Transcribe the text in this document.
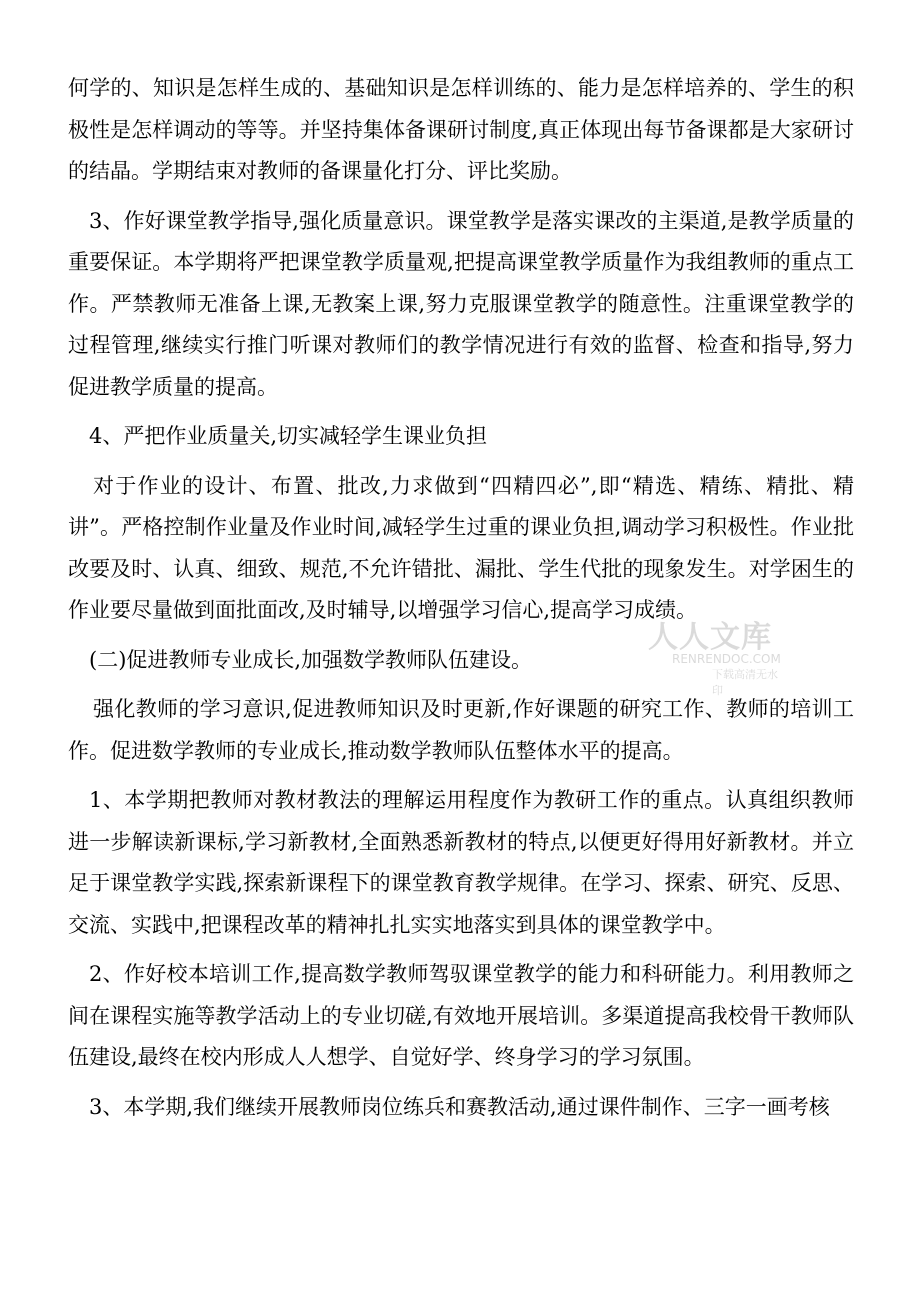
何学的、知识是怎样生成的、基础知识是怎样训练的、能力是怎样培养的、学生的积极性是怎样调动的等等。并坚持集体备课研讨制度,真正体现出每节备课都是大家研讨的结晶。学期结束对教师的备课量化打分、评比奖励。

3、作好课堂教学指导,强化质量意识。课堂教学是落实课改的主渠道,是教学质量的重要保证。本学期将严把课堂教学质量观,把提高课堂教学质量作为我组教师的重点工作。严禁教师无准备上课,无教案上课,努力克服课堂教学的随意性。注重课堂教学的过程管理,继续实行推门听课对教师们的教学情况进行有效的监督、检查和指导,努力促进教学质量的提高。

4、严把作业质量关,切实减轻学生课业负担

对于作业的设计、布置、批改,力求做到“四精四必”,即“精选、精练、精批、精讲”。严格控制作业量及作业时间,减轻学生过重的课业负担,调动学习积极性。作业批改要及时、认真、细致、规范,不允许错批、漏批、学生代批的现象发生。对学困生的作业要尽量做到面批面改,及时辅导,以增强学习信心,提高学习成绩。

(二)促进教师专业成长,加强数学教师队伍建设。

强化教师的学习意识,促进教师知识及时更新,作好课题的研究工作、教师的培训工作。促进数学教师的专业成长,推动数学教师队伍整体水平的提高。

1、本学期把教师对教材教法的理解运用程度作为教研工作的重点。认真组织教师进一步解读新课标,学习新教材,全面熟悉新教材的特点,以便更好得用好新教材。并立足于课堂教学实践,探索新课程下的课堂教育教学规律。在学习、探索、研究、反思、交流、实践中,把课程改革的精神扎扎实实地落实到具体的课堂教学中。

2、作好校本培训工作,提高数学教师驾驭课堂教学的能力和科研能力。利用教师之间在课程实施等教学活动上的专业切磋,有效地开展培训。多渠道提高我校骨干教师队伍建设,最终在校内形成人人想学、自觉好学、终身学习的学习氛围。

3、本学期,我们继续开展教师岗位练兵和赛教活动,通过课件制作、三字一画考核

人人文库
RENRENDOC.COM
下载高清无水印
